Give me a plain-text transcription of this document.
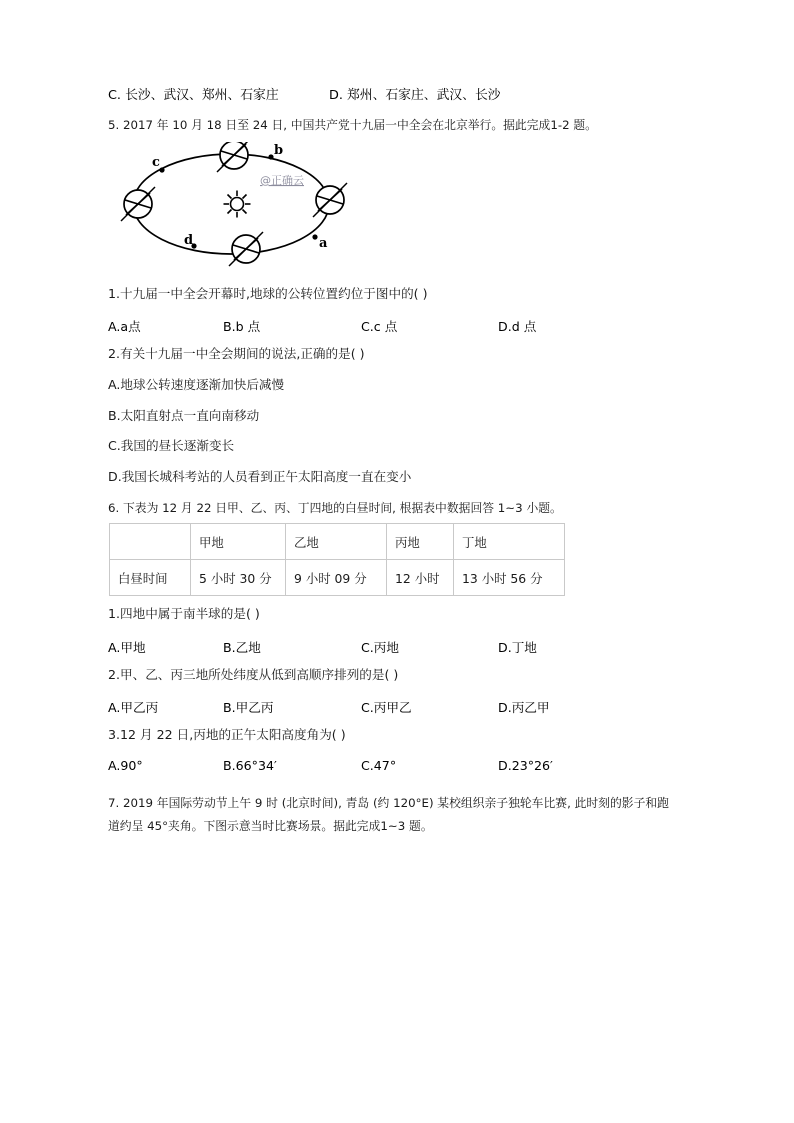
C. 长沙、武汉、郑州、石家庄	D. 郑州、石家庄、武汉、长沙
5. 2017 年 10 月 18 日至 24 日, 中国共产党十九届一中全会在北京举行。据此完成1-2 题。
a
b
c
d
@正确云
1.十九届一中全会开幕时,地球的公转位置约位于图中的( )
A.a点	B.b 点	C.c 点	D.d 点
2.有关十九届一中全会期间的说法,正确的是( )
A.地球公转速度逐渐加快后减慢
B.太阳直射点一直向南移动
C.我国的昼长逐渐变长
D.我国长城科考站的人员看到正午太阳高度一直在变小
6. 下表为 12 月 22 日甲、乙、丙、丁四地的白昼时间, 根据表中数据回答 1~3 小题。
	甲地	乙地	丙地	丁地
白昼时间	5 小时 30 分	9 小时 09 分	12 小时	13 小时 56 分
1.四地中属于南半球的是( )
A.甲地	B.乙地	C.丙地	D.丁地
2.甲、乙、丙三地所处纬度从低到高顺序排列的是( )
A.甲乙丙	B.甲乙丙	C.丙甲乙	D.丙乙甲
3.12 月 22 日,丙地的正午太阳高度角为( )
A.90°	B.66°34′	C.47°	D.23°26′
7. 2019 年国际劳动节上午 9 时 (北京时间), 青岛 (约 120°E) 某校组织亲子独轮车比赛, 此时刻的影子和跑道约呈 45°夹角。下图示意当时比赛场景。据此完成1~3 题。
